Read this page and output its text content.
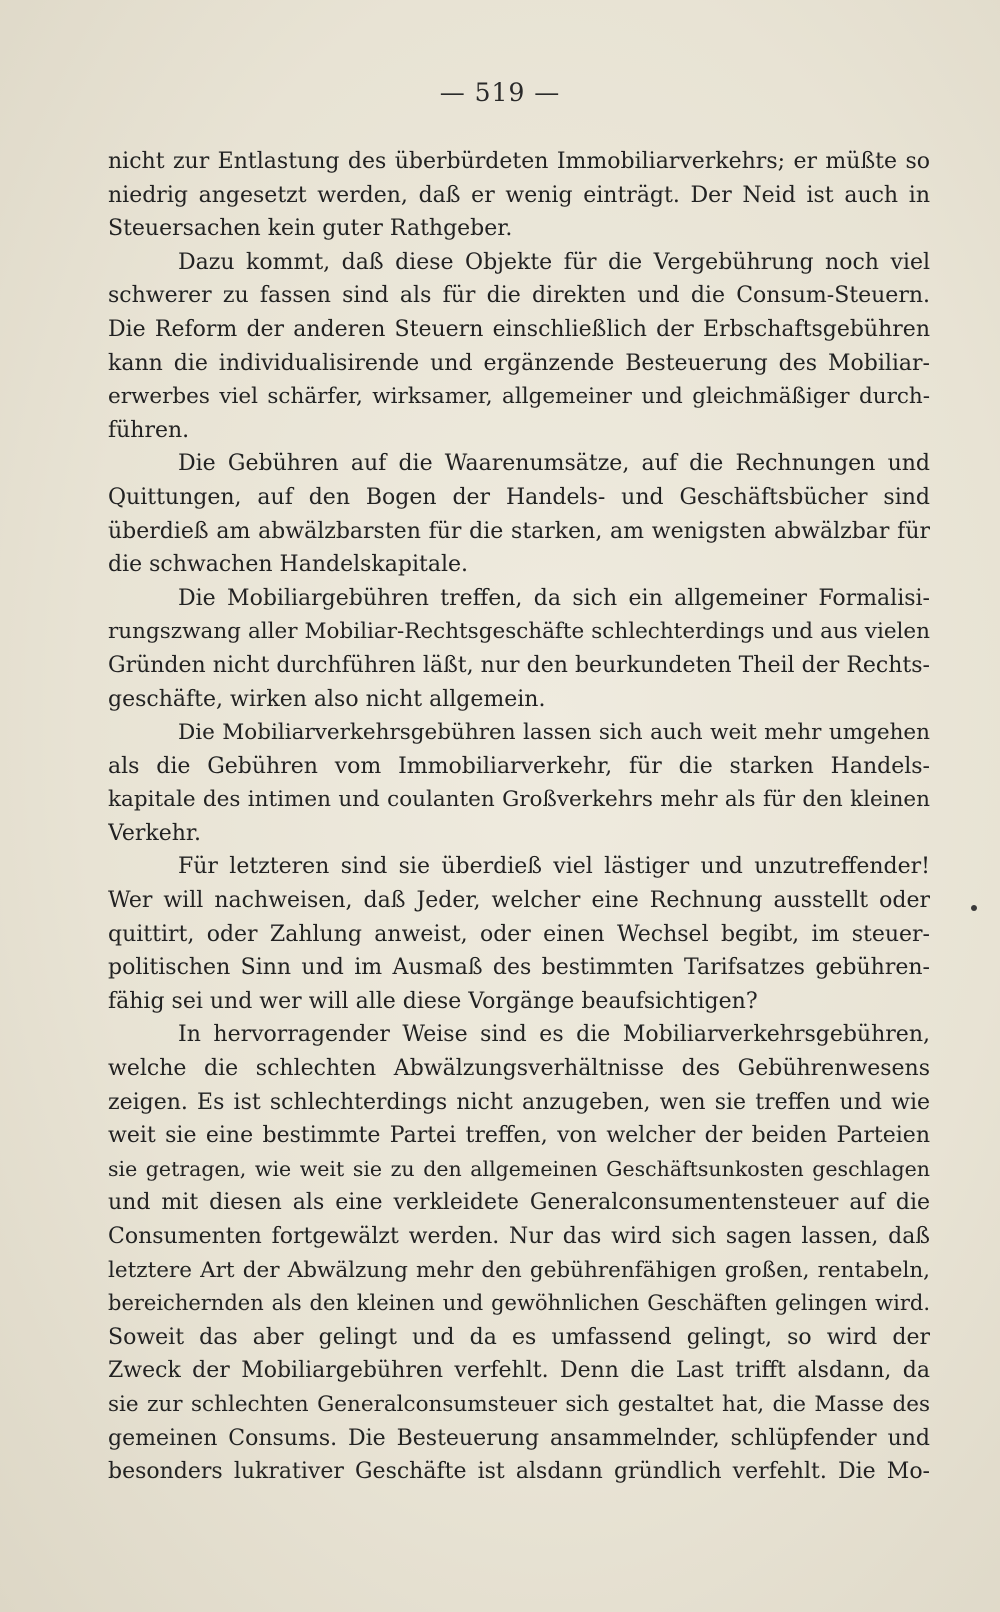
— 519 —
nicht zur Entlastung des überbürdeten Immobiliarverkehrs; er müßte so
niedrig angesetzt werden, daß er wenig einträgt. Der Neid ist auch in
Steuersachen kein guter Rathgeber.
Dazu kommt, daß diese Objekte für die Vergebührung noch viel
schwerer zu fassen sind als für die direkten und die Consum-Steuern.
Die Reform der anderen Steuern einschließlich der Erbschaftsgebühren
kann die individualisirende und ergänzende Besteuerung des Mobiliar-
erwerbes viel schärfer, wirksamer, allgemeiner und gleichmäßiger durch-
führen.
Die Gebühren auf die Waarenumsätze, auf die Rechnungen und
Quittungen, auf den Bogen der Handels- und Geschäftsbücher sind
überdieß am abwälzbarsten für die starken, am wenigsten abwälzbar für
die schwachen Handelskapitale.
Die Mobiliargebühren treffen, da sich ein allgemeiner Formalisi-
rungszwang aller Mobiliar-Rechtsgeschäfte schlechterdings und aus vielen
Gründen nicht durchführen läßt, nur den beurkundeten Theil der Rechts-
geschäfte, wirken also nicht allgemein.
Die Mobiliarverkehrsgebühren lassen sich auch weit mehr umgehen
als die Gebühren vom Immobiliarverkehr, für die starken Handels-
kapitale des intimen und coulanten Großverkehrs mehr als für den kleinen
Verkehr.
Für letzteren sind sie überdieß viel lästiger und unzutreffender!
Wer will nachweisen, daß Jeder, welcher eine Rechnung ausstellt oder
quittirt, oder Zahlung anweist, oder einen Wechsel begibt, im steuer-
politischen Sinn und im Ausmaß des bestimmten Tarifsatzes gebühren-
fähig sei und wer will alle diese Vorgänge beaufsichtigen?
In hervorragender Weise sind es die Mobiliarverkehrsgebühren,
welche die schlechten Abwälzungsverhältnisse des Gebührenwesens
zeigen. Es ist schlechterdings nicht anzugeben, wen sie treffen und wie
weit sie eine bestimmte Partei treffen, von welcher der beiden Parteien
sie getragen, wie weit sie zu den allgemeinen Geschäftsunkosten geschlagen
und mit diesen als eine verkleidete Generalconsumentensteuer auf die
Consumenten fortgewälzt werden. Nur das wird sich sagen lassen, daß
letztere Art der Abwälzung mehr den gebührenfähigen großen, rentabeln,
bereichernden als den kleinen und gewöhnlichen Geschäften gelingen wird.
Soweit das aber gelingt und da es umfassend gelingt, so wird der
Zweck der Mobiliargebühren verfehlt. Denn die Last trifft alsdann, da
sie zur schlechten Generalconsumsteuer sich gestaltet hat, die Masse des
gemeinen Consums. Die Besteuerung ansammelnder, schlüpfender und
besonders lukrativer Geschäfte ist alsdann gründlich verfehlt. Die Mo-
